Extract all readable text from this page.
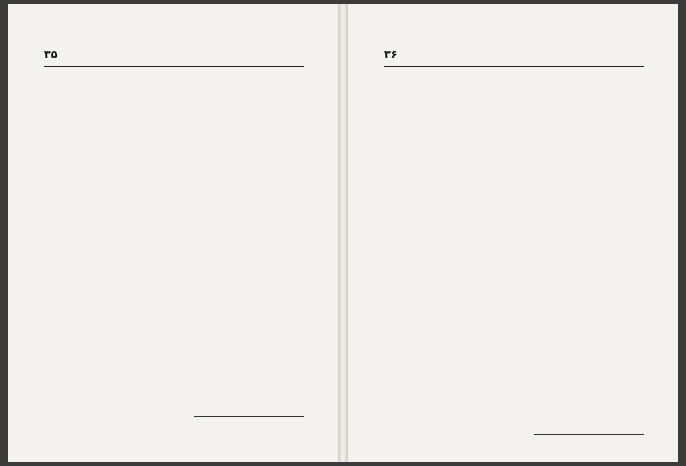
۳۵	۳۶
